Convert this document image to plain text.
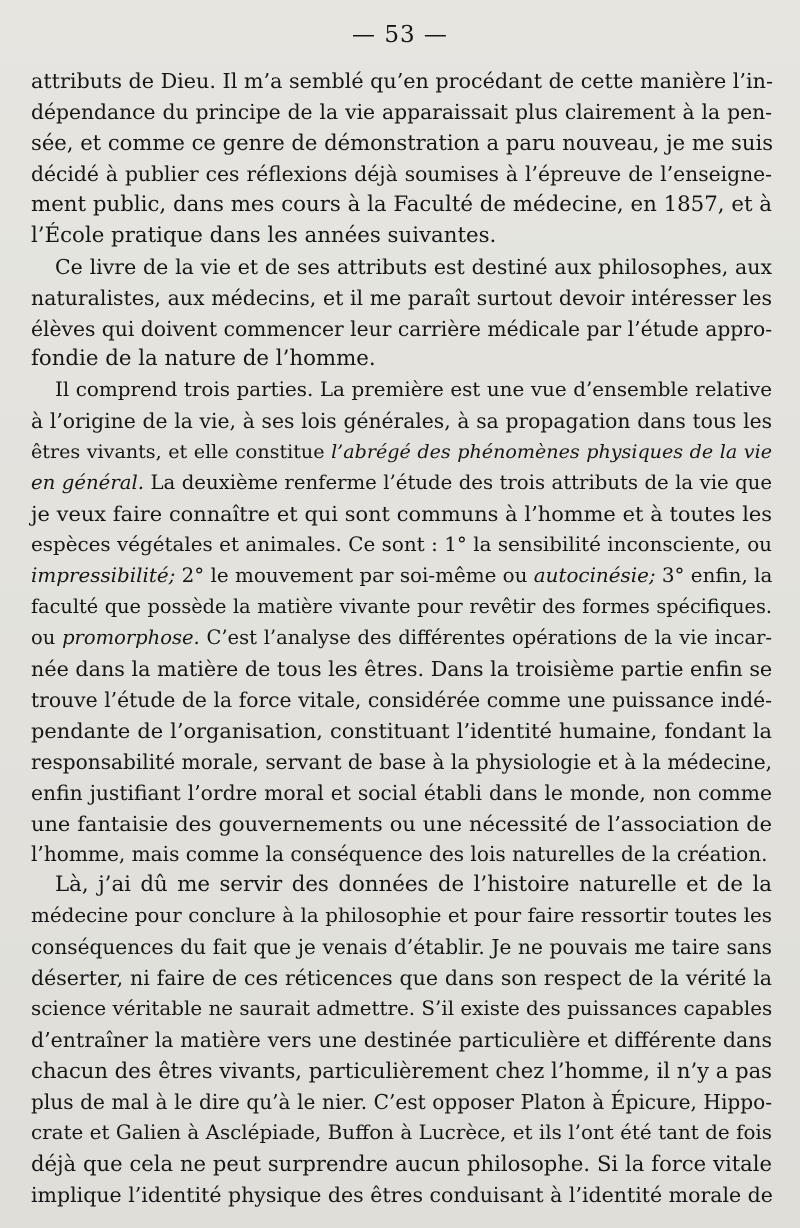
— 53 —
attributs de Dieu. Il m’a semblé qu’en procédant de cette manière l’in-
dépendance du principe de la vie apparaissait plus clairement à la pen-
sée, et comme ce genre de démonstration a paru nouveau, je me suis
décidé à publier ces réflexions déjà soumises à l’épreuve de l’enseigne-
ment public, dans mes cours à la Faculté de médecine, en 1857, et à
l’École pratique dans les années suivantes.
Ce livre de la vie et de ses attributs est destiné aux philosophes, aux
naturalistes, aux médecins, et il me paraît surtout devoir intéresser les
élèves qui doivent commencer leur carrière médicale par l’étude appro-
fondie de la nature de l’homme.
Il comprend trois parties. La première est une vue d’ensemble relative
à l’origine de la vie, à ses lois générales, à sa propagation dans tous les
êtres vivants, et elle constitue l’abrégé des phénomènes physiques de la vie
en général. La deuxième renferme l’étude des trois attributs de la vie que
je veux faire connaître et qui sont communs à l’homme et à toutes les
espèces végétales et animales. Ce sont : 1° la sensibilité inconsciente, ou
impressibilité; 2° le mouvement par soi-même ou autocinésie; 3° enfin, la
faculté que possède la matière vivante pour revêtir des formes spécifiques.
ou promorphose. C’est l’analyse des différentes opérations de la vie incar-
née dans la matière de tous les êtres. Dans la troisième partie enfin se
trouve l’étude de la force vitale, considérée comme une puissance indé-
pendante de l’organisation, constituant l’identité humaine, fondant la
responsabilité morale, servant de base à la physiologie et à la médecine,
enfin justifiant l’ordre moral et social établi dans le monde, non comme
une fantaisie des gouvernements ou une nécessité de l’association de
l’homme, mais comme la conséquence des lois naturelles de la création.
Là, j’ai dû me servir des données de l’histoire naturelle et de la
médecine pour conclure à la philosophie et pour faire ressortir toutes les
conséquences du fait que je venais d’établir. Je ne pouvais me taire sans
déserter, ni faire de ces réticences que dans son respect de la vérité la
science véritable ne saurait admettre. S’il existe des puissances capables
d’entraîner la matière vers une destinée particulière et différente dans
chacun des êtres vivants, particulièrement chez l’homme, il n’y a pas
plus de mal à le dire qu’à le nier. C’est opposer Platon à Épicure, Hippo-
crate et Galien à Asclépiade, Buffon à Lucrèce, et ils l’ont été tant de fois
déjà que cela ne peut surprendre aucun philosophe. Si la force vitale
implique l’identité physique des êtres conduisant à l’identité morale de
